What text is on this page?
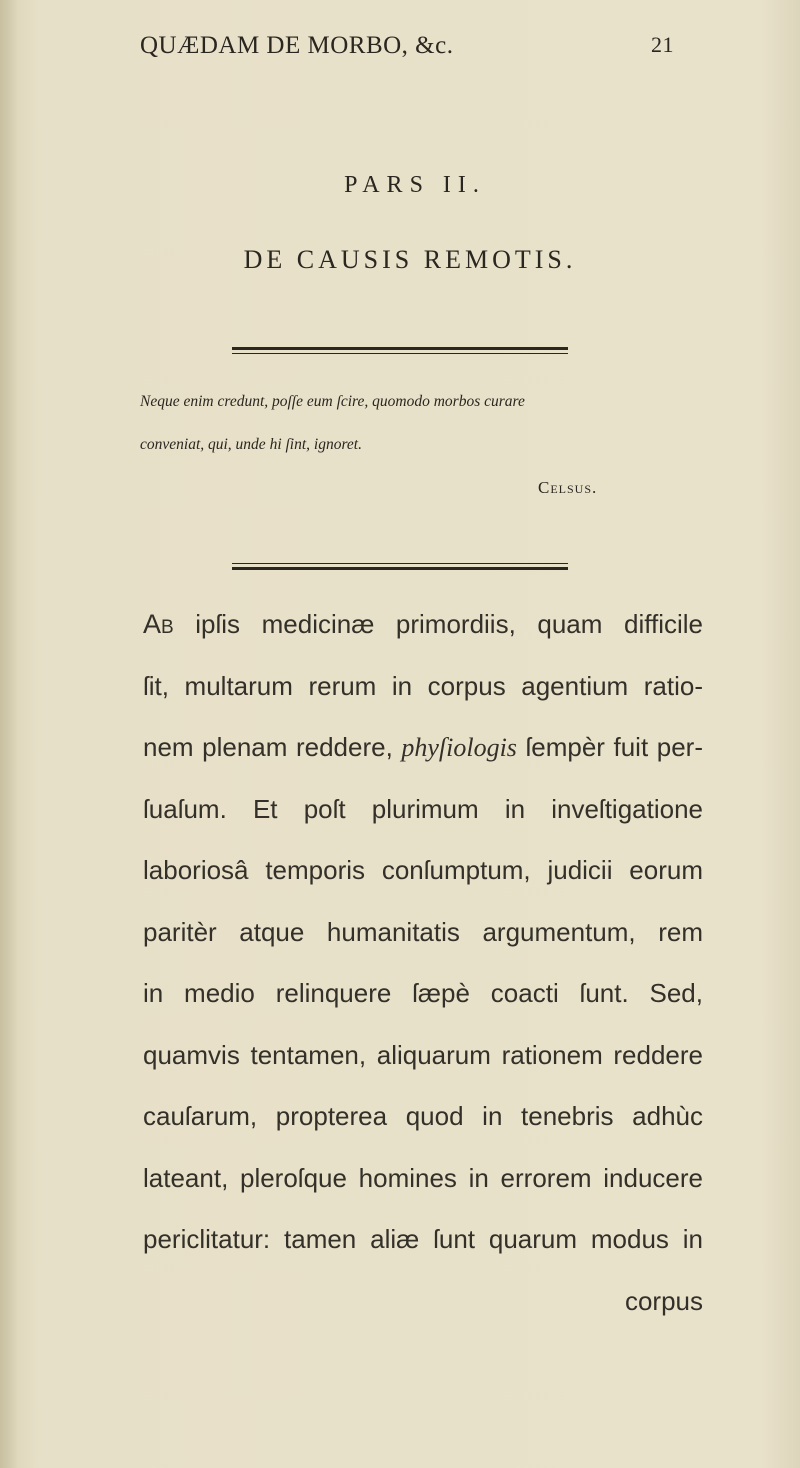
QUÆDAM DE MORBO, &c.	21
PARS II.
DE CAUSIS REMOTIS.
Neque enim credunt, poſſe eum ſcire, quomodo morbos curare
conveniat, qui, unde hi ſint, ignoret.
Celsus.
Ab ipſis medicinæ primordiis, quam difficile
ſit, multarum rerum in corpus agentium ratio-
nem plenam reddere, phyſiologis ſempèr fuit per-
ſuaſum. Et poſt plurimum in inveſtigatione
laboriosâ temporis conſumptum, judicii eorum
paritèr atque humanitatis argumentum, rem
in medio relinquere ſæpè coacti ſunt. Sed,
quamvis tentamen, aliquarum rationem reddere
cauſarum, propterea quod in tenebris adhùc
lateant, pleroſque homines in errorem inducere
periclitatur: tamen aliæ ſunt quarum modus in
corpus
